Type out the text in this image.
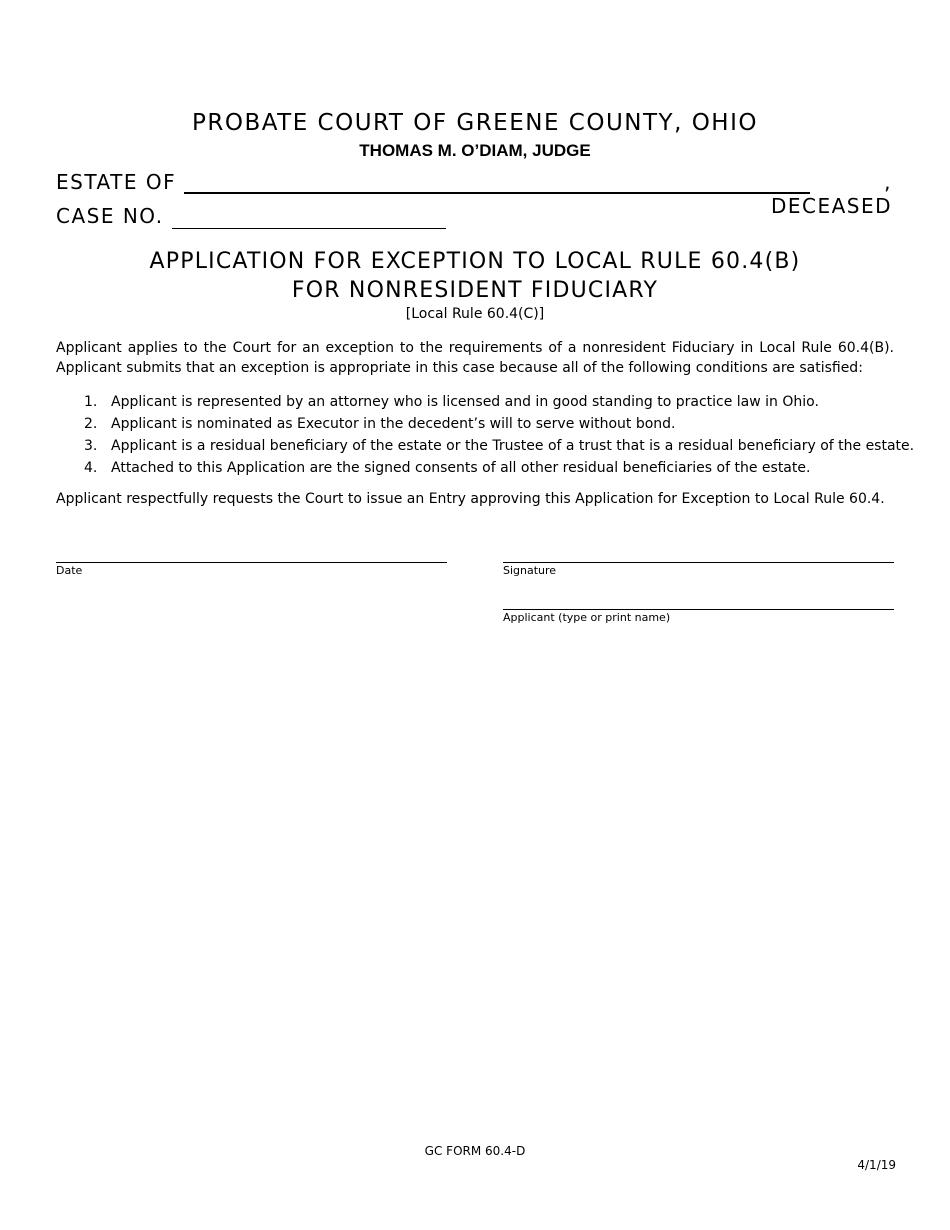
PROBATE COURT OF GREENE COUNTY, OHIO
THOMAS M. O’DIAM, JUDGE
ESTATE OF	, DECEASED
CASE NO.
APPLICATION FOR EXCEPTION TO LOCAL RULE 60.4(B)
FOR NONRESIDENT FIDUCIARY
[Local Rule 60.4(C)]
Applicant applies to the Court for an exception to the requirements of a nonresident Fiduciary in Local Rule 60.4(B). Applicant submits that an exception is appropriate in this case because all of the following conditions are satisfied:
1. Applicant is represented by an attorney who is licensed and in good standing to practice law in Ohio.
2. Applicant is nominated as Executor in the decedent’s will to serve without bond.
3. Applicant is a residual beneficiary of the estate or the Trustee of a trust that is a residual beneficiary of the estate.
4. Attached to this Application are the signed consents of all other residual beneficiaries of the estate.
Applicant respectfully requests the Court to issue an Entry approving this Application for Exception to Local Rule 60.4.
Date	Signature
Applicant (type or print name)
GC FORM 60.4-D
4/1/19
